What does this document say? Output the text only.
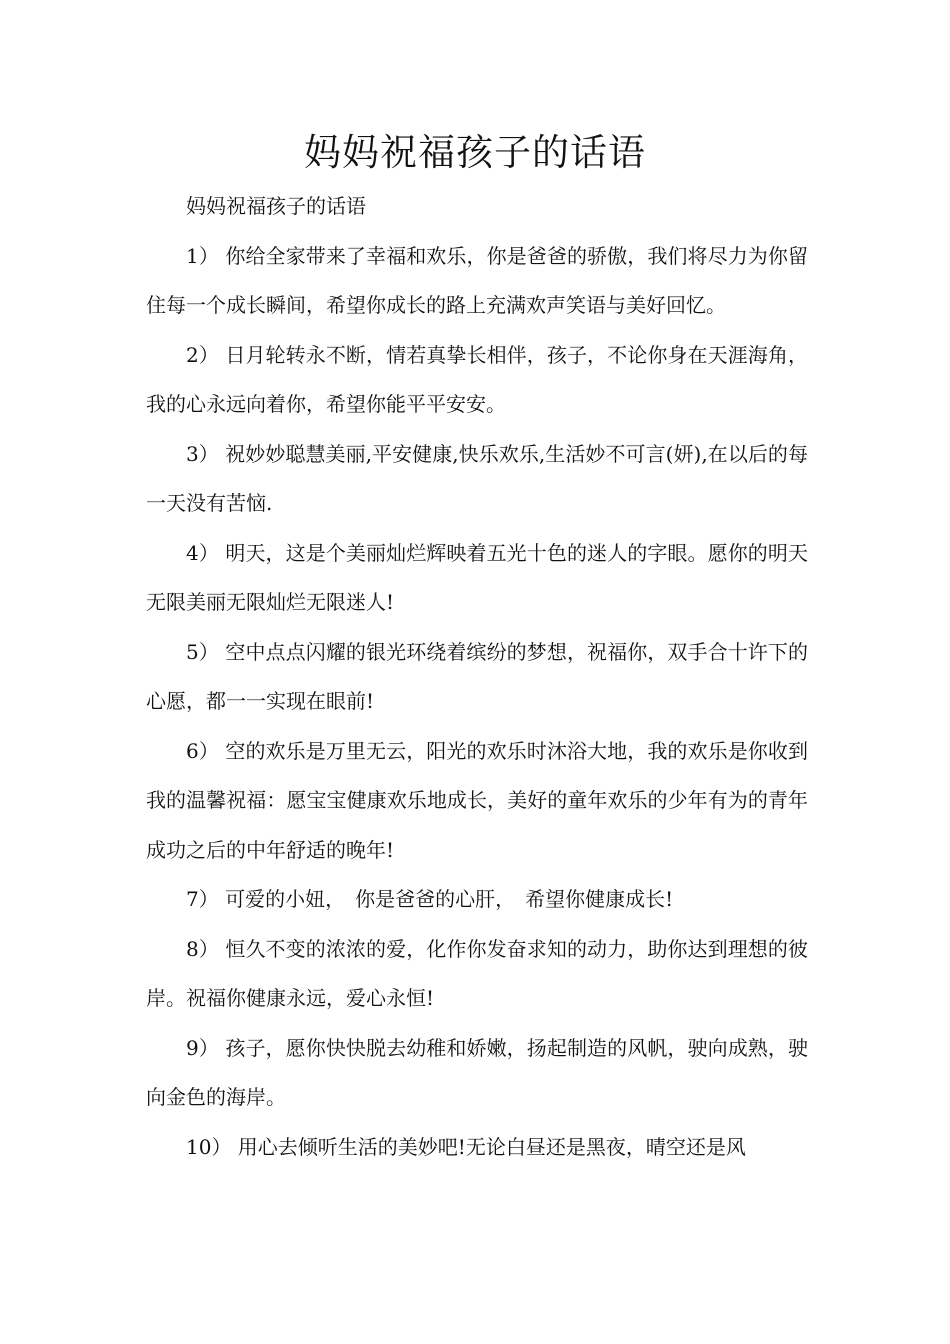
妈妈祝福孩子的话语

妈妈祝福孩子的话语

1） 你给全家带来了幸福和欢乐，你是爸爸的骄傲，我们将尽力为你留住每一个成长瞬间，希望你成长的路上充满欢声笑语与美好回忆。

2） 日月轮转永不断，情若真挚长相伴，孩子，不论你身在天涯海角，我的心永远向着你，希望你能平平安安。

3） 祝妙妙聪慧美丽,平安健康,快乐欢乐,生活妙不可言(妍),在以后的每一天没有苦恼.

4） 明天，这是个美丽灿烂辉映着五光十色的迷人的字眼。愿你的明天无限美丽无限灿烂无限迷人!

5） 空中点点闪耀的银光环绕着缤纷的梦想，祝福你，双手合十许下的心愿，都一一实现在眼前!

6） 空的欢乐是万里无云，阳光的欢乐时沐浴大地，我的欢乐是你收到我的温馨祝福：愿宝宝健康欢乐地成长，美好的童年欢乐的少年有为的青年成功之后的中年舒适的晚年!

7） 可爱的小妞，　你是爸爸的心肝，　希望你健康成长!

8） 恒久不变的浓浓的爱，化作你发奋求知的动力，助你达到理想的彼岸。祝福你健康永远，爱心永恒!

9） 孩子，愿你快快脱去幼稚和娇嫩，扬起制造的风帆，驶向成熟，驶向金色的海岸。

10） 用心去倾听生活的美妙吧!无论白昼还是黑夜，晴空还是风
